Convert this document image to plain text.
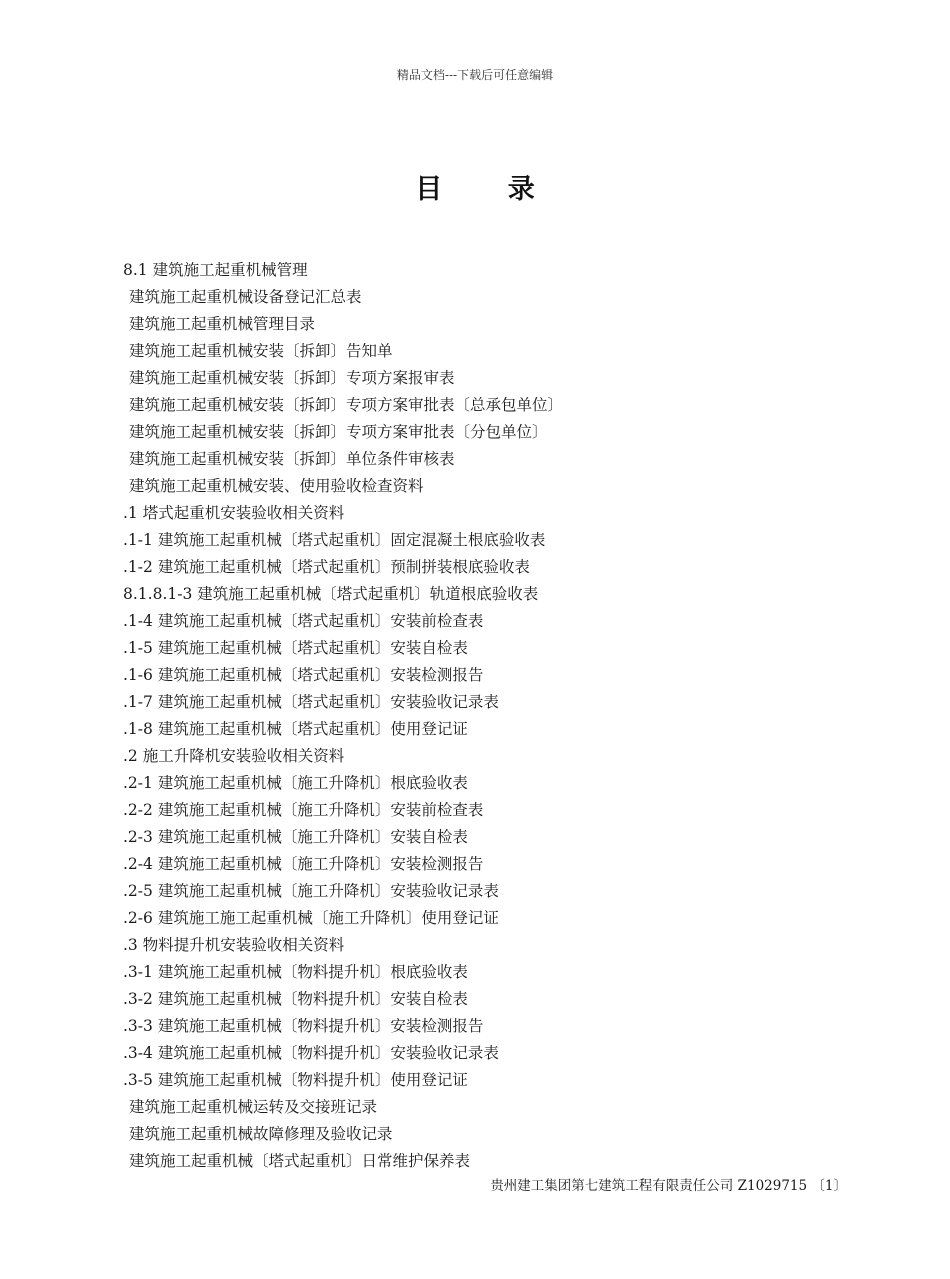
精品文档---下载后可任意编辑
目 录
8.1 建筑施工起重机械管理
建筑施工起重机械设备登记汇总表
建筑施工起重机械管理目录
建筑施工起重机械安装〔拆卸〕告知单
建筑施工起重机械安装〔拆卸〕专项方案报审表
建筑施工起重机械安装〔拆卸〕专项方案审批表〔总承包单位〕
建筑施工起重机械安装〔拆卸〕专项方案审批表〔分包单位〕
建筑施工起重机械安装〔拆卸〕单位条件审核表
建筑施工起重机械安装、使用验收检查资料
.1 塔式起重机安装验收相关资料
.1-1 建筑施工起重机械〔塔式起重机〕固定混凝土根底验收表
.1-2 建筑施工起重机械〔塔式起重机〕预制拼装根底验收表
8.1.8.1-3 建筑施工起重机械〔塔式起重机〕轨道根底验收表
.1-4 建筑施工起重机械〔塔式起重机〕安装前检查表
.1-5 建筑施工起重机械〔塔式起重机〕安装自检表
.1-6 建筑施工起重机械〔塔式起重机〕安装检测报告
.1-7 建筑施工起重机械〔塔式起重机〕安装验收记录表
.1-8 建筑施工起重机械〔塔式起重机〕使用登记证
.2 施工升降机安装验收相关资料
.2-1 建筑施工起重机械〔施工升降机〕根底验收表
.2-2 建筑施工起重机械〔施工升降机〕安装前检查表
.2-3 建筑施工起重机械〔施工升降机〕安装自检表
.2-4 建筑施工起重机械〔施工升降机〕安装检测报告
.2-5 建筑施工起重机械〔施工升降机〕安装验收记录表
.2-6 建筑施工施工起重机械〔施工升降机〕使用登记证
.3 物料提升机安装验收相关资料
.3-1 建筑施工起重机械〔物料提升机〕根底验收表
.3-2 建筑施工起重机械〔物料提升机〕安装自检表
.3-3 建筑施工起重机械〔物料提升机〕安装检测报告
.3-4 建筑施工起重机械〔物料提升机〕安装验收记录表
.3-5 建筑施工起重机械〔物料提升机〕使用登记证
建筑施工起重机械运转及交接班记录
建筑施工起重机械故障修理及验收记录
建筑施工起重机械〔塔式起重机〕日常维护保养表
贵州建工集团第七建筑工程有限责任公司 Z1029715 〔1〕
